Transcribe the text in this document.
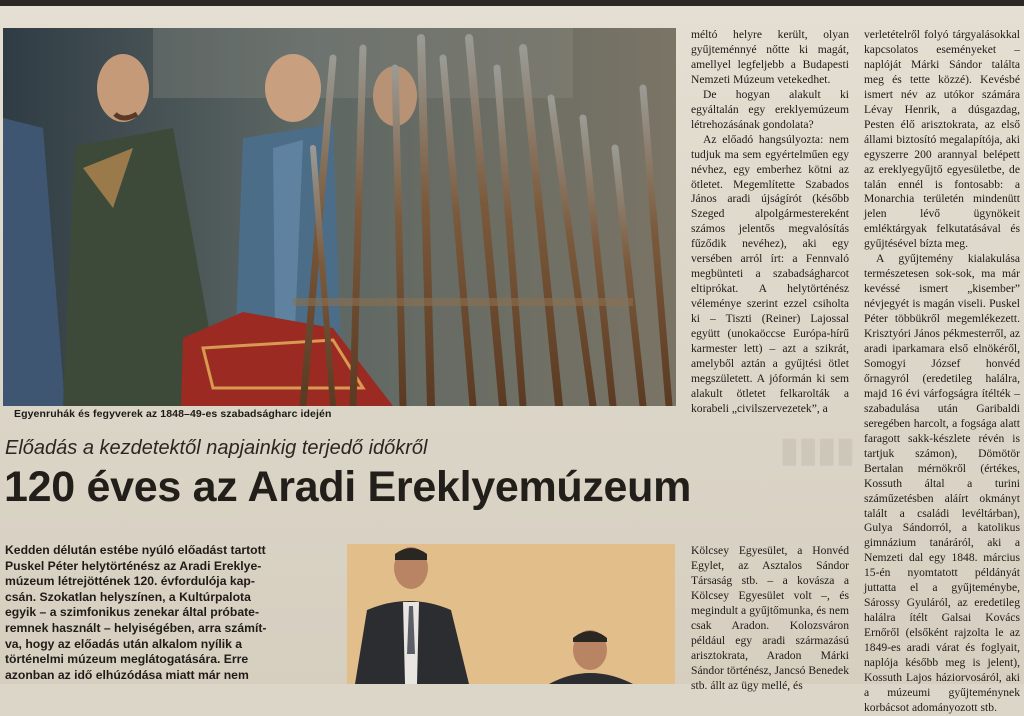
▮▮▮▮
Egyenruhák és fegyverek az 1848–49-es szabadságharc idején

méltó helyre került, olyan gyűjteménnyé nőtte ki magát, amellyel legfeljebb a Budapesti Nemzeti Múzeum vetekedhet.

De hogyan alakult ki egyáltalán egy ereklyemúzeum létrehozásának gondolata?

Az előadó hangsúlyozta: nem tudjuk ma sem egyértelműen egy névhez, egy emberhez kötni az ötletet. Megemlítette Szabados János aradi újságírót (később Szeged alpolgármestereként számos jelentős megvalósítás fűződik nevéhez), aki egy versében arról írt: a Fennvaló megbünteti a szabadságharcot eltiprókat. A helytörténész véleménye szerint ezzel csiholta ki – Tiszti (Reiner) Lajossal együtt (unokaöccse Európa-hírű karmester lett) – azt a szikrát, amelyből aztán a gyűjtési ötlet megszületett. A jóformán ki sem alakult ötletet felkarolták a korabeli „civilszervezetek”, a

verletételről folyó tárgyalásokkal kapcsolatos eseményeket – naplóját Márki Sándor találta meg és tette közzé). Kevésbé ismert név az utókor számára Lévay Henrik, a dúsgazdag, Pesten élő arisztokrata, az első állami biztosító megalapítója, aki egyszerre 200 arannyal belépett az ereklyegyűjtő egyesületbe, de talán ennél is fontosabb: a Monarchia területén mindenütt jelen lévő ügynökeit emléktárgyak felkutatásával és gyűjtésével bízta meg.

A gyűjtemény kialakulása természetesen sok-sok, ma már kevéssé ismert „kisember” névjegyét is magán viseli. Puskel Péter többükről megemlékezett. Krisztyóri János pékmesterről, az aradi iparkamara első elnökéről, Somogyi József honvéd őrnagyról (eredetileg halálra, majd 16 évi várfogságra ítélték – szabadulása után Garibaldi seregében harcolt, a fogsága alatt faragott sakk-készlete révén is tartjuk számon), Dömötör Bertalan mérnökről (értékes, Kossuth által a turini száműzetésben aláírt okmányt talált a családi levéltárban), Gulya Sándorról, a katolikus gimnázium tanáráról, aki a Nemzeti dal egy 1848. március 15-én nyomtatott példányát juttatta el a gyűjteménybe, Sárossy Gyuláról, az eredetileg halálra ítélt Galsai Kovács Ernőről (elsőként rajzolta le az 1849-es aradi várat és foglyait, naplója később meg is jelent), Kossuth Lajos háziorvosáról, aki a múzeumi gyűjteménynek korbácsot adományozott stb.

Előadás a kezdetektől napjainkig terjedő időkről
120 éves az Aradi Ereklyemúzeum
Kedden délután estébe nyúló előadást tartott
Puskel Péter helytörténész az Aradi Ereklye-
múzeum létrejöttének 120. évfordulója kap-
csán. Szokatlan helyszínen, a Kultúrpalota
egyik – a szimfonikus zenekar által próbate-
remnek használt – helyiségében, arra számít-
va, hogy az előadás után alkalom nyílik a
történelmi múzeum meglátogatására. Erre
azonban az idő elhúzódása miatt már nem

Kölcsey Egyesület, a Honvéd Egylet, az Asztalos Sándor Társaság stb. – a kovásza a Kölcsey Egyesület volt –, és megindult a gyűjtőmunka, és nem csak Aradon. Kolozsváron például egy aradi származású arisztokrata, Aradon Márki Sándor történész, Jancsó Benedek stb. állt az ügy mellé, és
